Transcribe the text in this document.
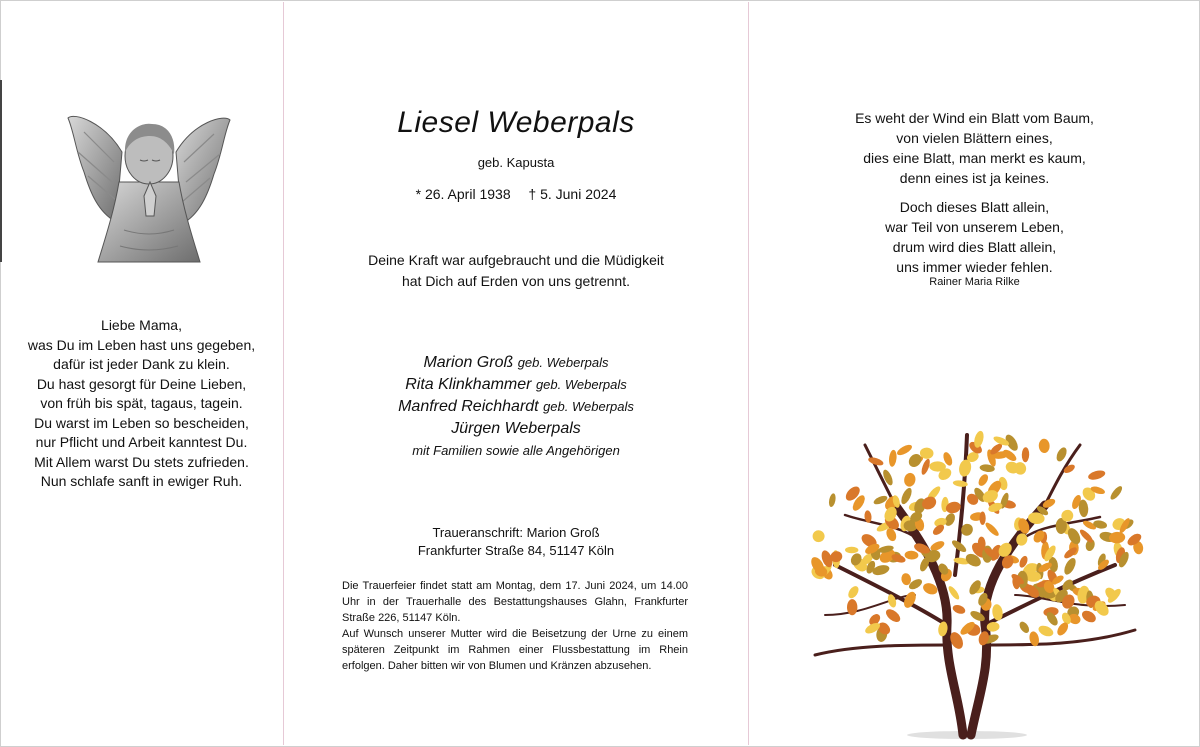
Liebe Mama,
was Du im Leben hast uns gegeben,
dafür ist jeder Dank zu klein.
Du hast gesorgt für Deine Lieben,
von früh bis spät, tagaus, tagein.
Du warst im Leben so bescheiden,
nur Pflicht und Arbeit kanntest Du.
Mit Allem warst Du stets zufrieden.
Nun schlafe sanft in ewiger Ruh.
Liesel Weberpals
geb. Kapusta
* 26. April 1938 † 5. Juni 2024
Deine Kraft war aufgebraucht und die Müdigkeit
hat Dich auf Erden von uns getrennt.
Marion Groß geb. Weberpals
Rita Klinkhammer geb. Weberpals
Manfred Reichhardt geb. Weberpals
Jürgen Weberpals
mit Familien sowie alle Angehörigen
Traueranschrift: Marion Groß
Frankfurter Straße 84, 51147 Köln
Die Trauerfeier findet statt am Montag, dem 17. Juni 2024, um 14.00 Uhr in der Trauerhalle des Bestattungshauses Glahn, Frankfurter Straße 226, 51147 Köln.
Auf Wunsch unserer Mutter wird die Beisetzung der Urne zu einem späteren Zeitpunkt im Rahmen einer Flussbestattung im Rhein erfolgen. Daher bitten wir von Blumen und Kränzen abzusehen.
Es weht der Wind ein Blatt vom Baum,
von vielen Blättern eines,
dies eine Blatt, man merkt es kaum,
denn eines ist ja keines.
Doch dieses Blatt allein,
war Teil von unserem Leben,
drum wird dies Blatt allein,
uns immer wieder fehlen.
Rainer Maria Rilke
